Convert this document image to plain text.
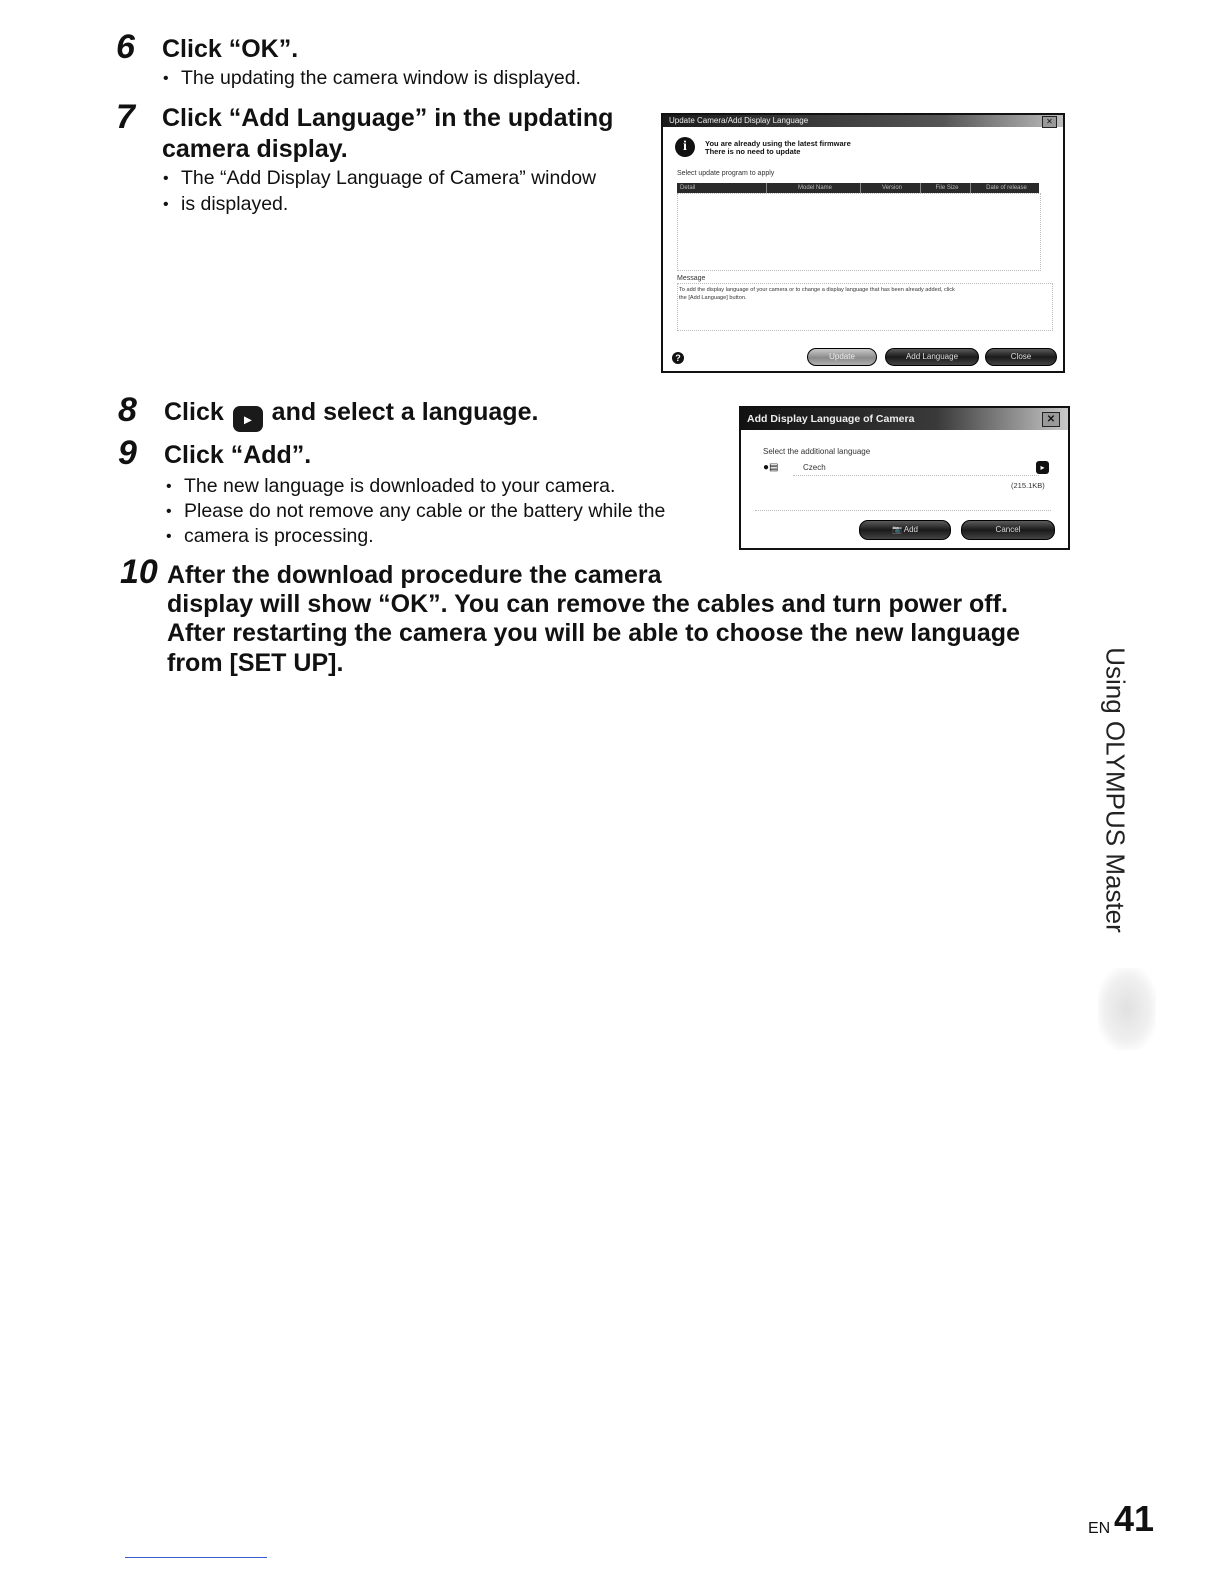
6 Click “OK”.
• The updating the camera window is displayed.
7 Click “Add Language” in the updating
camera display.
• The “Add Display Language of Camera” window
• is displayed.
Update Camera/Add Display Language	✕
i	You are already using the latest firmware
There is no need to update
Select update program to apply
Detail	Model Name	Version	File Size	Date of release
Message
To add the display language of your camera or to change a display language that has been already added, click
the [Add Language] button.
?	Update	Add Language	Close
8 Click ▸ and select a language.
9 Click “Add”.
• The new language is downloaded to your camera.
• Please do not remove any cable or the battery while the
• camera is processing.
Add Display Language of Camera	✕
Select the additional language
●▤	Czech	▸
(215.1KB)
📷 Add	Cancel
10 After the download procedure the camera
display will show “OK”. You can remove the cables and turn power off.
After restarting the camera you will be able to choose the new language
from [SET UP].	Using OLYMPUS Master
EN 41
